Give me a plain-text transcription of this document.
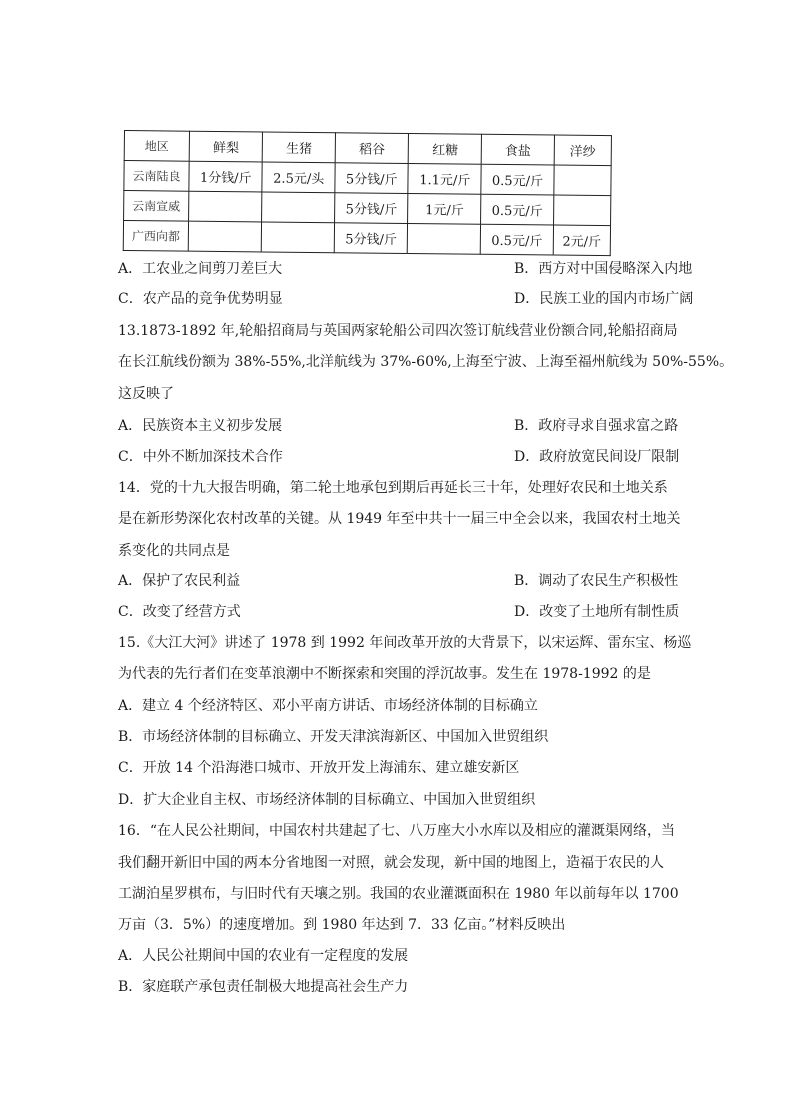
地区	鲜梨	生猪	稻谷	红糖	食盐	洋纱
云南陆良	1分钱/斤	2.5元/头	5分钱/斤	1.1元/斤	0.5元/斤	
云南宣威			5分钱/斤	1元/斤	0.5元/斤	
广西向都			5分钱/斤		0.5元/斤	2元/斤
A．工农业之间剪刀差巨大	B．西方对中国侵略深入内地
C．农产品的竞争优势明显	D．民族工业的国内市场广阔
13.1873-1892 年,轮船招商局与英国两家轮船公司四次签订航线营业份额合同,轮船招商局
在长江航线份额为 38%-55%,北洋航线为 37%-60%,上海至宁波、上海至福州航线为 50%-55%。
这反映了
A．民族资本主义初步发展	B．政府寻求自强求富之路
C．中外不断加深技术合作	D．政府放宽民间设厂限制
14．党的十九大报告明确，第二轮土地承包到期后再延长三十年，处理好农民和土地关系
是在新形势深化农村改革的关键。从 1949 年至中共十一届三中全会以来，我国农村土地关
系变化的共同点是
A．保护了农民利益	B．调动了农民生产积极性
C．改变了经营方式	D．改变了土地所有制性质
15.《大江大河》讲述了 1978 到 1992 年间改革开放的大背景下，以宋运辉、雷东宝、杨巡
为代表的先行者们在变革浪潮中不断探索和突围的浮沉故事。发生在 1978-1992 的是
A．建立 4 个经济特区、邓小平南方讲话、市场经济体制的目标确立
B．市场经济体制的目标确立、开发天津滨海新区、中国加入世贸组织
C．开放 14 个沿海港口城市、开放开发上海浦东、建立雄安新区
D．扩大企业自主权、市场经济体制的目标确立、中国加入世贸组织
16．“在人民公社期间，中国农村共建起了七、八万座大小水库以及相应的灌溉渠网络，当
我们翻开新旧中国的两本分省地图一对照，就会发现，新中国的地图上，造福于农民的人
工湖泊星罗棋布，与旧时代有天壤之别。我国的农业灌溉面积在 1980 年以前每年以 1700
万亩（3．5%）的速度增加。到 1980 年达到 7．33 亿亩。”材料反映出
A．人民公社期间中国的农业有一定程度的发展
B．家庭联产承包责任制极大地提高社会生产力
